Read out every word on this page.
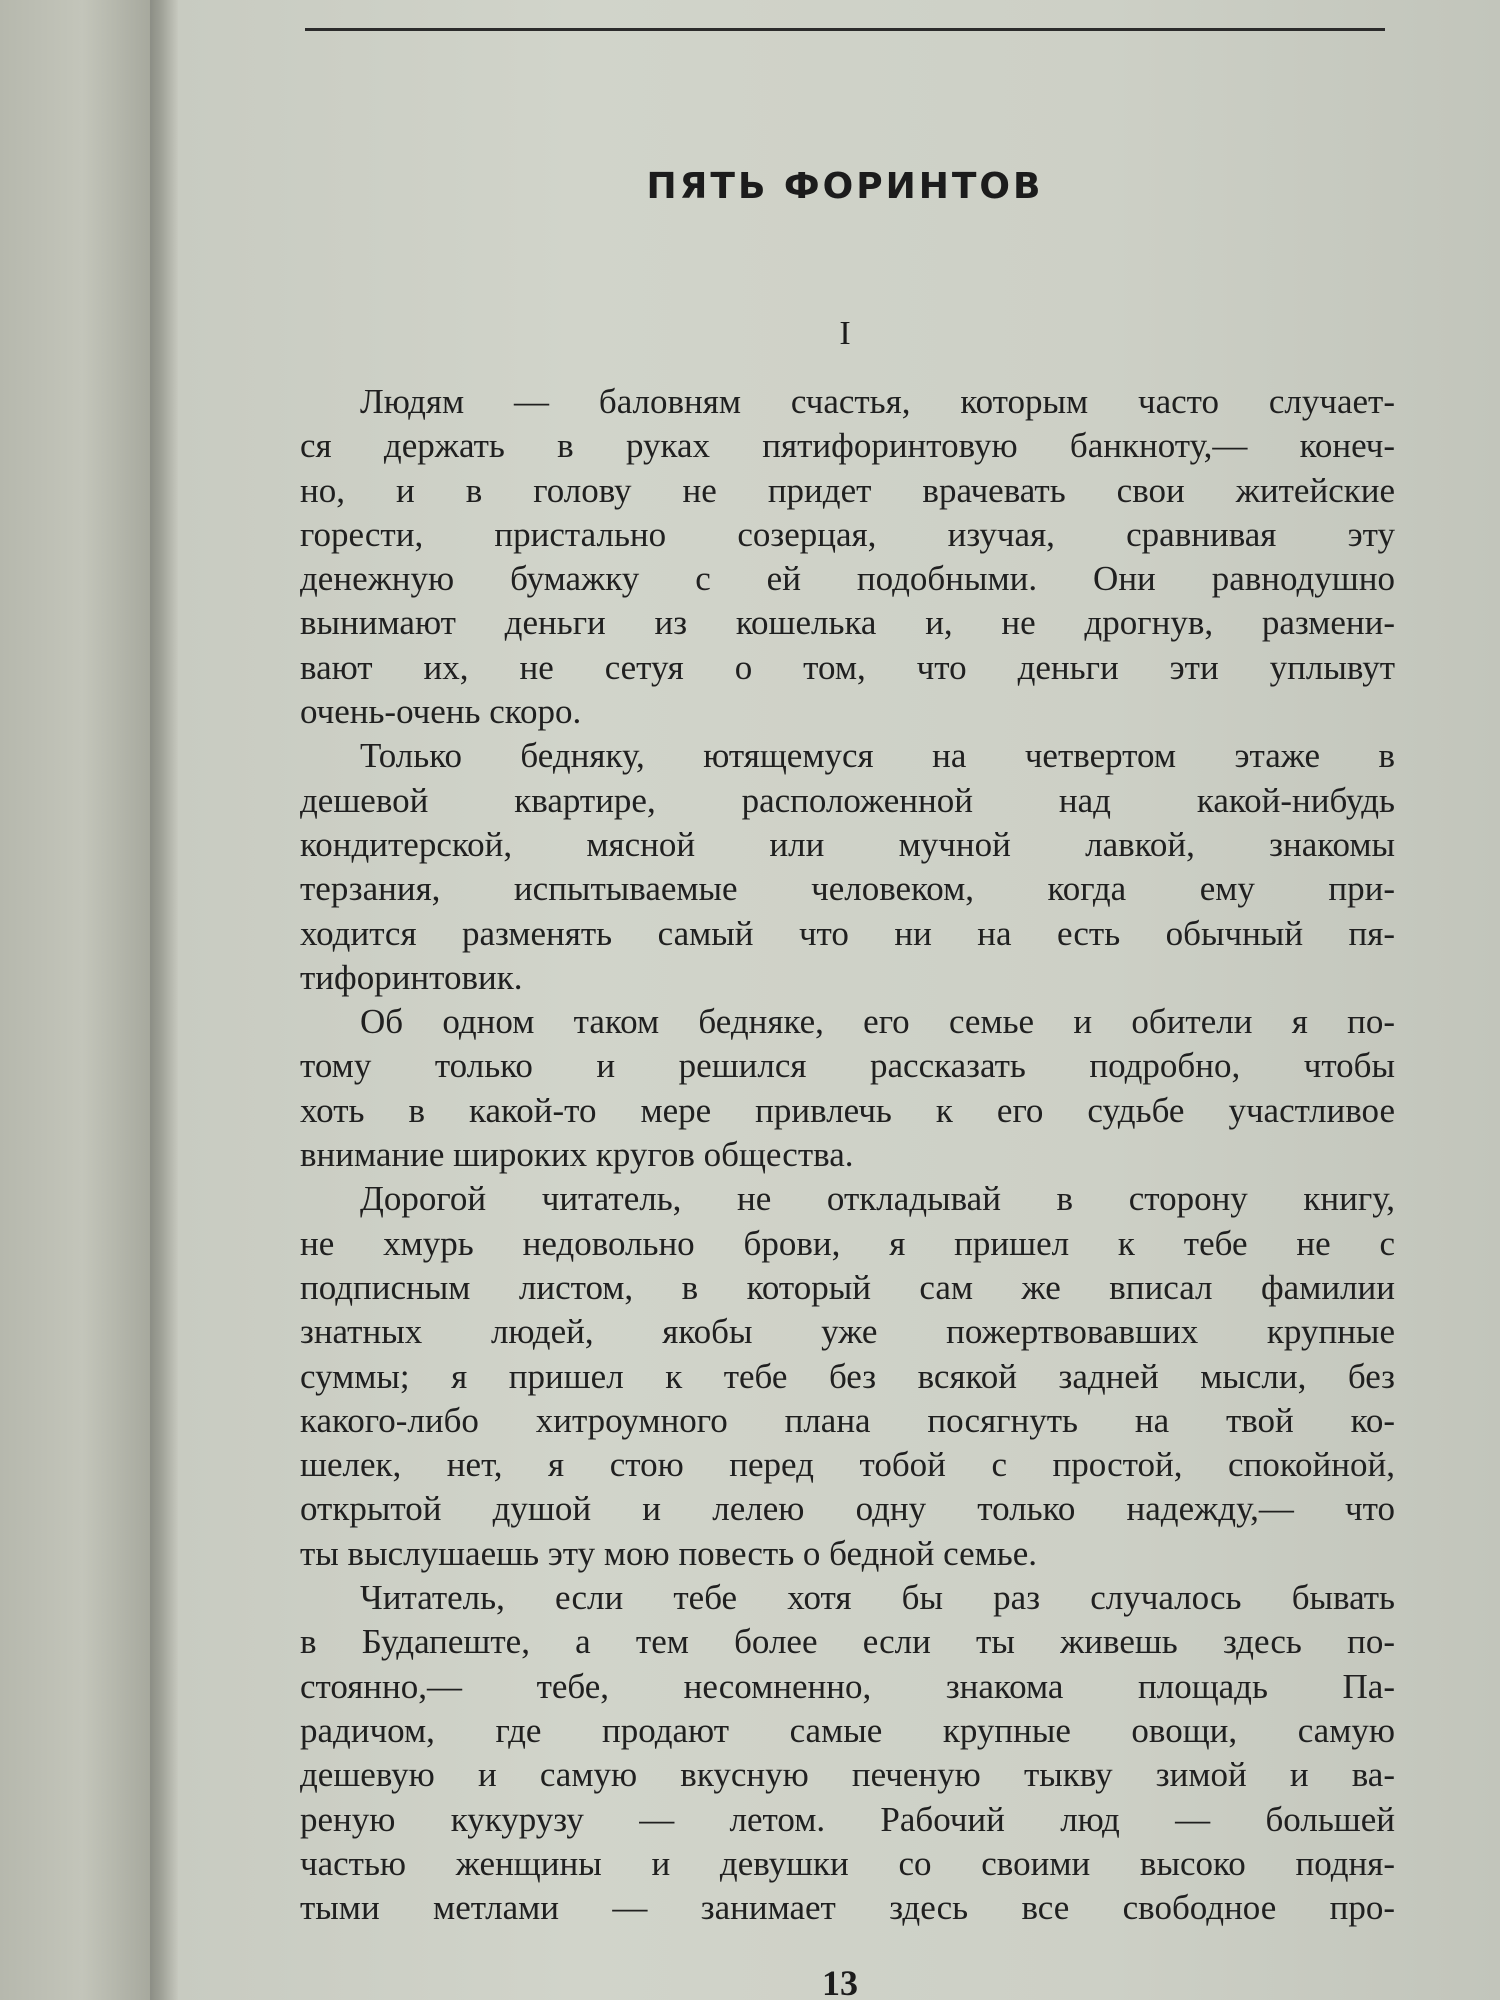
ПЯТЬ ФОРИНТОВ
I
Людям — баловням счастья, которым часто случает-
ся держать в руках пятифоринтовую банкноту,— конеч-
но, и в голову не придет врачевать свои житейские
горести, пристально созерцая, изучая, сравнивая эту
денежную бумажку с ей подобными. Они равнодушно
вынимают деньги из кошелька и, не дрогнув, размени-
вают их, не сетуя о том, что деньги эти уплывут
очень-очень скоро.
Только бедняку, ютящемуся на четвертом этаже в
дешевой квартире, расположенной над какой-нибудь
кондитерской, мясной или мучной лавкой, знакомы
терзания, испытываемые человеком, когда ему при-
ходится разменять самый что ни на есть обычный пя-
тифоринтовик.
Об одном таком бедняке, его семье и обители я по-
тому только и решился рассказать подробно, чтобы
хоть в какой-то мере привлечь к его судьбе участливое
внимание широких кругов общества.
Дорогой читатель, не откладывай в сторону книгу,
не хмурь недовольно брови, я пришел к тебе не с
подписным листом, в который сам же вписал фамилии
знатных людей, якобы уже пожертвовавших крупные
суммы; я пришел к тебе без всякой задней мысли, без
какого-либо хитроумного плана посягнуть на твой ко-
шелек, нет, я стою перед тобой с простой, спокойной,
открытой душой и лелею одну только надежду,— что
ты выслушаешь эту мою повесть о бедной семье.
Читатель, если тебе хотя бы раз случалось бывать
в Будапеште, а тем более если ты живешь здесь по-
стоянно,— тебе, несомненно, знакома площадь Па-
радичом, где продают самые крупные овощи, самую
дешевую и самую вкусную печеную тыкву зимой и ва-
реную кукурузу — летом. Рабочий люд — большей
частью женщины и девушки со своими высоко подня-
тыми метлами — занимает здесь все свободное про-
13
